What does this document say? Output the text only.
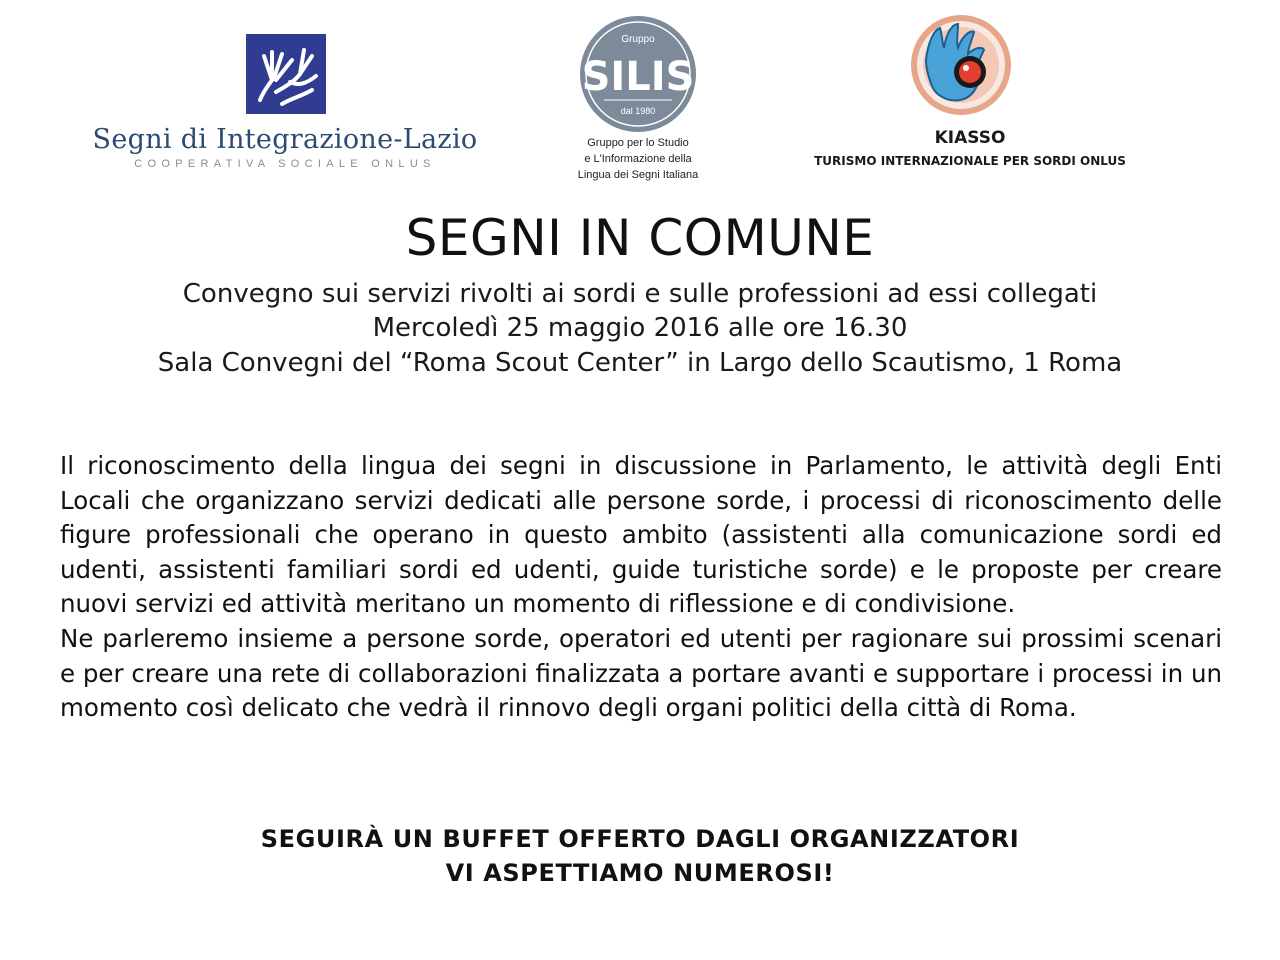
Segni di Integrazione-Lazio
COOPERATIVA SOCIALE ONLUS
Gruppo
SILIS
dal 1980
Gruppo per lo Studio
e L'Informazione della
Lingua dei Segni Italiana
KIASSO
TURISMO INTERNAZIONALE PER SORDI ONLUS
SEGNI IN COMUNE
Convegno sui servizi rivolti ai sordi e sulle professioni ad essi collegati
Mercoledì 25 maggio 2016 alle ore 16.30
Sala Convegni del “Roma Scout Center” in Largo dello Scautismo, 1 Roma

Il riconoscimento della lingua dei segni in discussione in Parlamento, le attività degli Enti Locali che organizzano servizi dedicati alle persone sorde, i processi di riconoscimento delle figure professionali che operano in questo ambito (assistenti alla comunicazione sordi ed udenti, assistenti familiari sordi ed udenti, guide turistiche sorde) e le proposte per creare nuovi servizi ed attività meritano un momento di riflessione e di condivisione.

Ne parleremo insieme a persone sorde, operatori ed utenti per ragionare sui prossimi scenari e per creare una rete di collaborazioni finalizzata a portare avanti e supportare i processi in un momento così delicato che vedrà il rinnovo degli organi politici della città di Roma.

SEGUIRÀ UN BUFFET OFFERTO DAGLI ORGANIZZATORI
VI ASPETTIAMO NUMEROSI!
